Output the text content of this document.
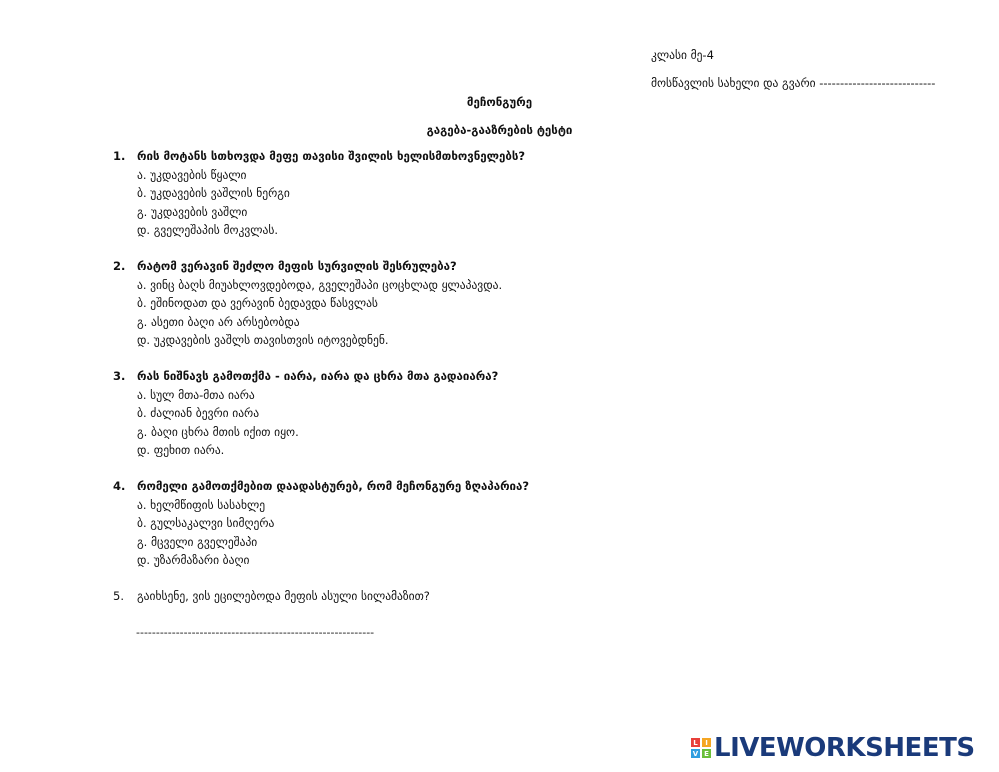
კლასი მე-4
მოსწავლის სახელი და გვარი ----------------------------
მეჩონგურე
გაგება-გააზრების ტესტი
1.	რის მოტანს სთხოვდა მეფე თავისი შვილის ხელისმთხოვნელებს?
ა. უკდავების წყალი
ბ. უკდავების ვაშლის ნერგი
გ. უკდავების ვაშლი
დ. გველეშაპის მოკვლას.
2.	რატომ ვერავინ შეძლო მეფის სურვილის შესრულება?
ა. ვინც ბაღს მიუახლოვდებოდა, გველეშაპი ცოცხლად ყლაპავდა.
ბ. ეშინოდათ და ვერავინ ბედავდა წასვლას
გ. ასეთი ბაღი არ არსებობდა
დ. უკდავების ვაშლს თავისთვის იტოვებდნენ.
3.	რას ნიშნავს გამოთქმა - იარა, იარა და ცხრა მთა გადაიარა?
ა. სულ მთა-მთა იარა
ბ. ძალიან ბევრი იარა
გ. ბაღი ცხრა მთის იქით იყო.
დ. ფეხით იარა.
4.	რომელი გამოთქმებით დაადასტურებ, რომ მეჩონგურე ზღაპარია?
ა. ხელმწიფის სასახლე
ბ. გულსაკალვი სიმღერა
გ. მცველი გველეშაპი
დ. უზარმაზარი ბაღი
5.	გაიხსენე, ვის ეცილებოდა მეფის ასული სილამაზით?
------------------------------------------------------------
L	I
V E LIVEWORKSHEETS
